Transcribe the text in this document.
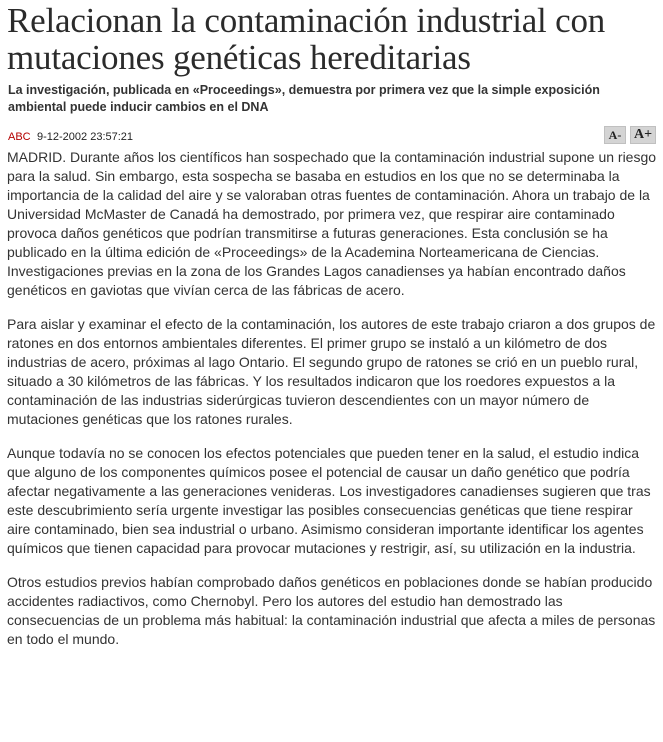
Relacionan la contaminación industrial con mutaciones genéticas hereditarias
La investigación, publicada en «Proceedings», demuestra por primera vez que la simple exposición ambiental puede inducir cambios en el DNA
ABC 9-12-2002 23:57:21	A- A+

MADRID. Durante años los científicos han sospechado que la contaminación industrial supone un riesgo para la salud. Sin embargo, esta sospecha se basaba en estudios en los que no se determinaba la importancia de la calidad del aire y se valoraban otras fuentes de contaminación. Ahora un trabajo de la Universidad McMaster de Canadá ha demostrado, por primera vez, que respirar aire contaminado provoca daños genéticos que podrían transmitirse a futuras generaciones. Esta conclusión se ha publicado en la última edición de «Proceedings» de la Academina Norteamericana de Ciencias. Investigaciones previas en la zona de los Grandes Lagos canadienses ya habían encontrado daños genéticos en gaviotas que vivían cerca de las fábricas de acero.

Para aislar y examinar el efecto de la contaminación, los autores de este trabajo criaron a dos grupos de ratones en dos entornos ambientales diferentes. El primer grupo se instaló a un kilómetro de dos industrias de acero, próximas al lago Ontario. El segundo grupo de ratones se crió en un pueblo rural, situado a 30 kilómetros de las fábricas. Y los resultados indicaron que los roedores expuestos a la contaminación de las industrias siderúrgicas tuvieron descendientes con un mayor número de mutaciones genéticas que los ratones rurales.

Aunque todavía no se conocen los efectos potenciales que pueden tener en la salud, el estudio indica que alguno de los componentes químicos posee el potencial de causar un daño genético que podría afectar negativamente a las generaciones venideras. Los investigadores canadienses sugieren que tras este descubrimiento sería urgente investigar las posibles consecuencias genéticas que tiene respirar aire contaminado, bien sea industrial o urbano. Asimismo consideran importante identificar los agentes químicos que tienen capacidad para provocar mutaciones y restrigir, así, su utilización en la industria.

Otros estudios previos habían comprobado daños genéticos en poblaciones donde se habían producido accidentes radiactivos, como Chernobyl. Pero los autores del estudio han demostrado las consecuencias de un problema más habitual: la contaminación industrial que afecta a miles de personas en todo el mundo.
